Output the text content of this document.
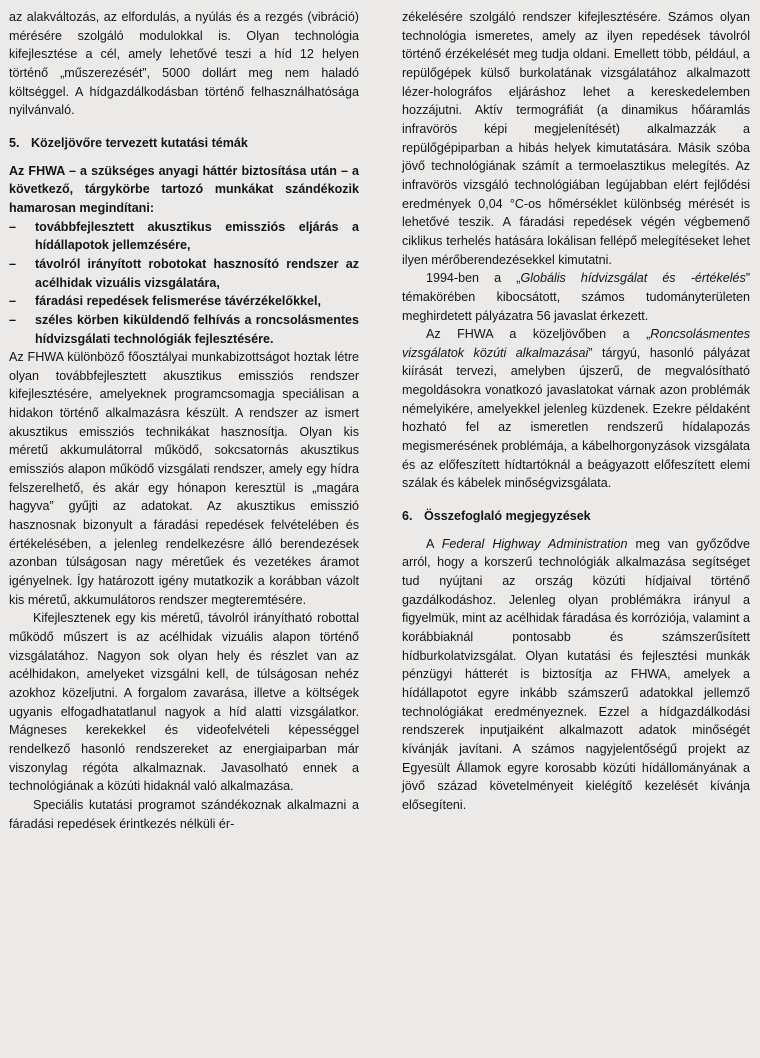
az alakváltozás, az elfordulás, a nyúlás és a rezgés (vibráció) mérésére szolgáló modulokkal is. Olyan technológia kifejlesztése a cél, amely lehetővé teszi a híd 12 helyen történő „műszerezését”, 5000 dollárt meg nem haladó költséggel. A hídgazdálkodásban történő felhasználhatósága nyilvánvaló.

5. Közeljövőre tervezett kutatási témák

Az FHWA – a szükséges anyagi háttér biztosítása után – a következő, tárgykörbe tartozó munkákat szándékozik hamarosan megindítani:

– továbbfejlesztett akusztikus emissziós eljárás a hídállapotok jellemzésére,
– távolról irányított robotokat hasznosító rendszer az acélhidak vizuális vizsgálatára,
– fáradási repedések felismerése távérzékelőkkel,
– széles körben kiküldendő felhívás a roncsolásmentes hídvizsgálati technológiák fejlesztésére.

Az FHWA különböző főosztályai munkabizottságot hoztak létre olyan továbbfejlesztett akusztikus emissziós rendszer kifejlesztésére, amelyeknek programcsomagja speciálisan a hidakon történő alkalmazásra készült. A rendszer az ismert akusztikus emissziós technikákat hasznosítja. Olyan kis méretű akkumulátorral működő, sokcsatornás akusztikus emissziós alapon működő vizsgálati rendszer, amely egy hídra felszerelhető, és akár egy hónapon keresztül is „magára hagyva” gyűjti az adatokat. Az akusztikus emisszió hasznosnak bizonyult a fáradási repedések felvételében és értékelésében, a jelenleg rendelkezésre álló berendezések azonban túlságosan nagy méretűek és vezetékes áramot igényelnek. Így határozott igény mutatkozik a korábban vázolt kis méretű, akkumulátoros rendszer megteremtésére.

Kifejlesztenek egy kis méretű, távolról irányítható robottal működő műszert is az acélhidak vizuális alapon történő vizsgálatához. Nagyon sok olyan hely és részlet van az acélhidakon, amelyeket vizsgálni kell, de túlságosan nehéz azokhoz közeljutni. A forgalom zavarása, illetve a költségek ugyanis elfogadhatatlanul nagyok a híd alatti vizsgálatkor. Mágneses kerekekkel és videofelvételi képességgel rendelkező hasonló rendszereket az energiaiparban már viszonylag régóta alkalmaznak. Javasolható ennek a technológiának a közúti hidaknál való alkalmazása.

Speciális kutatási programot szándékoznak alkalmazni a fáradási repedések érintkezés nélküli ér-

zékelésére szolgáló rendszer kifejlesztésére. Számos olyan technológia ismeretes, amely az ilyen repedések távolról történő érzékelését meg tudja oldani. Emellett több, például, a repülőgépek külső burkolatának vizsgálatához alkalmazott lézer-holográfos eljáráshoz lehet a kereskedelemben hozzájutni. Aktív termográfiát (a dinamikus hőáramlás infravörös képi megjelenítését) alkalmazzák a repülőgépiparban a hibás helyek kimutatására. Másik szóba jövő technológiának számít a termoelasztikus melegítés. Az infravörös vizsgáló technológiában legújabban elért fejlődési eredmények 0,04 °C-os hőmérséklet különbség mérését is lehetővé teszik. A fáradási repedések végén végbemenő ciklikus terhelés hatására lokálisan fellépő melegítéseket lehet ilyen mérőberendezésekkel kimutatni.

1994-ben a „Globális hídvizsgálat és -értékelés” témakörében kibocsátott, számos tudományterületen meghirdetett pályázatra 56 javaslat érkezett.

Az FHWA a közeljövőben a „Roncsolásmentes vizsgálatok közúti alkalmazásai” tárgyú, hasonló pályázat kiírását tervezi, amelyben újszerű, de megvalósítható megoldásokra vonatkozó javaslatokat várnak azon problémák némelyikére, amelyekkel jelenleg küzdenek. Ezekre példaként hozható fel az ismeretlen rendszerű hídalapozás megismerésének problémája, a kábelhorgonyzások vizsgálata és az előfeszített hídtartóknál a beágyazott előfeszített elemi szálak és kábelek minőségvizsgálata.

6. Összefoglaló megjegyzések

A Federal Highway Administration meg van győződve arról, hogy a korszerű technológiák alkalmazása segítséget tud nyújtani az ország közúti hídjaival történő gazdálkodáshoz. Jelenleg olyan problémákra irányul a figyelmük, mint az acélhidak fáradása és korróziója, valamint a korábbiaknál pontosabb és számszerűsített hídburkolatvizsgálat. Olyan kutatási és fejlesztési munkák pénzügyi hátterét is biztosítja az FHWA, amelyek a hídállapotot egyre inkább számszerű adatokkal jellemző technológiákat eredményeznek. Ezzel a hídgazdálkodási rendszerek inputjaiként alkalmazott adatok minőségét kívánják javítani. A számos nagyjelentőségű projekt az Egyesült Államok egyre korosabb közúti hídállományának a jövő század követelményeit kielégítő kezelését kívánja elősegíteni.
